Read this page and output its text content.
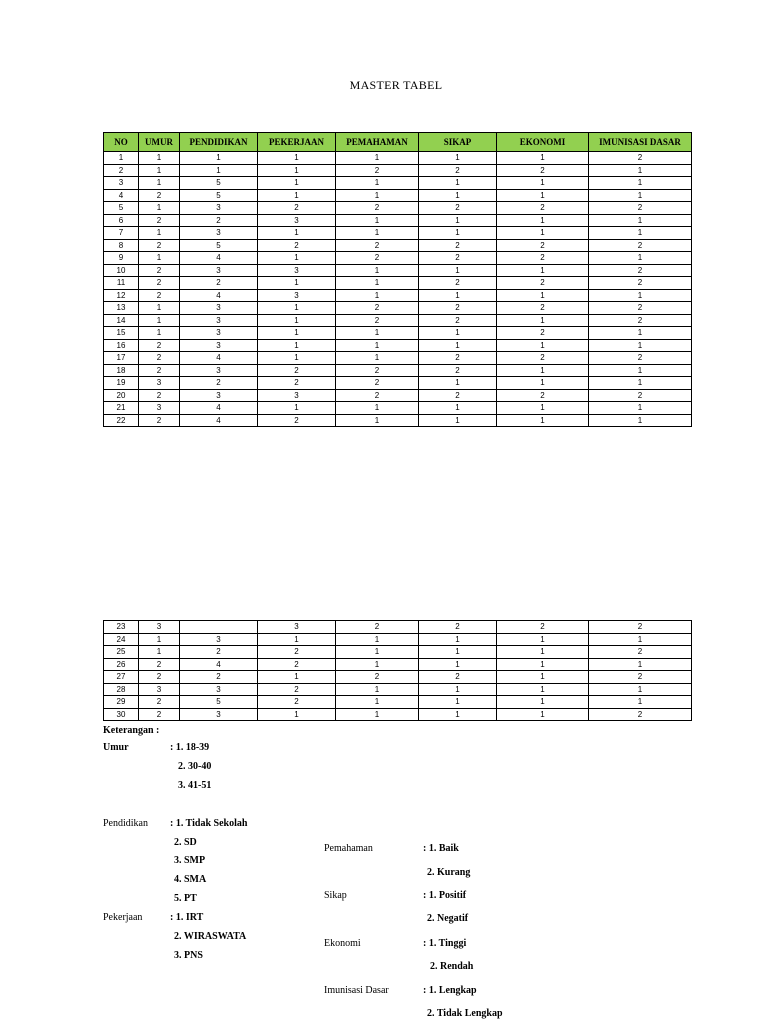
MASTER TABEL
NO	UMUR	PENDIDIKAN	PEKERJAAN	PEMAHAMAN	SIKAP	EKONOMI	IMUNISASI DASAR
1	1	1	1	1	1	1	2
2	1	1	1	2	2	2	1
3	1	5	1	1	1	1	1
4	2	5	1	1	1	1	1
5	1	3	2	2	2	2	2
6	2	2	3	1	1	1	1
7	1	3	1	1	1	1	1
8	2	5	2	2	2	2	2
9	1	4	1	2	2	2	1
10	2	3	3	1	1	1	2
11	2	2	1	1	2	2	2
12	2	4	3	1	1	1	1
13	1	3	1	2	2	2	2
14	1	3	1	2	2	1	2
15	1	3	1	1	1	2	1
16	2	3	1	1	1	1	1
17	2	4	1	1	2	2	2
18	2	3	2	2	2	1	1
19	3	2	2	2	1	1	1
20	2	3	3	2	2	2	2
21	3	4	1	1	1	1	1
22	2	4	2	1	1	1	1
23	3		3	2	2	2	2
24	1	3	1	1	1	1	1
25	1	2	2	1	1	1	2
26	2	4	2	1	1	1	1
27	2	2	1	2	2	1	2
28	3	3	2	1	1	1	1
29	2	5	2	1	1	1	1
30	2	3	1	1	1	1	2
Keterangan :
Umur	: 1. 18-39
2. 30-40
3. 41-51
Pendidikan : 1. Tidak Sekolah
2. SD
3. SMP
4. SMA
5. PT
Pekerjaan	: 1. IRT
2. WIRASWATA
3. PNS
Pemahaman	: 1. Baik
2. Kurang
Sikap	: 1. Positif
2. Negatif
Ekonomi	: 1. Tinggi
2. Rendah
Imunisasi Dasar	: 1. Lengkap
2. Tidak Lengkap
